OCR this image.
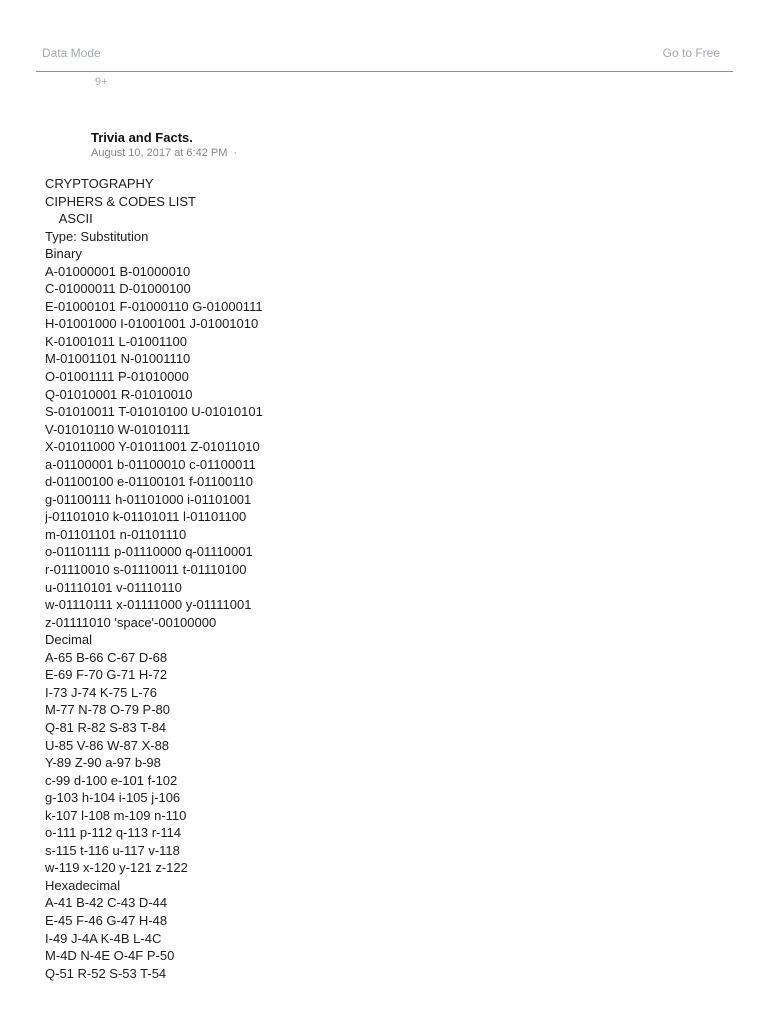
Data Mode	Go to Free
9+
Trivia and Facts.
August 10, 2017 at 6:42 PM ·
CRYPTOGRAPHY
CIPHERS & CODES LIST
ASCII
Type: Substitution
Binary
A-01000001 B-01000010
C-01000011 D-01000100
E-01000101 F-01000110 G-01000111
H-01001000 I-01001001 J-01001010
K-01001011 L-01001100
M-01001101 N-01001110
O-01001111 P-01010000
Q-01010001 R-01010010
S-01010011 T-01010100 U-01010101
V-01010110 W-01010111
X-01011000 Y-01011001 Z-01011010
a-01100001 b-01100010 c-01100011
d-01100100 e-01100101 f-01100110
g-01100111 h-01101000 i-01101001
j-01101010 k-01101011 l-01101100
m-01101101 n-01101110
o-01101111 p-01110000 q-01110001
r-01110010 s-01110011 t-01110100
u-01110101 v-01110110
w-01110111 x-01111000 y-01111001
z-01111010 'space'-00100000
Decimal
A-65 B-66 C-67 D-68
E-69 F-70 G-71 H-72
I-73 J-74 K-75 L-76
M-77 N-78 O-79 P-80
Q-81 R-82 S-83 T-84
U-85 V-86 W-87 X-88
Y-89 Z-90 a-97 b-98
c-99 d-100 e-101 f-102
g-103 h-104 i-105 j-106
k-107 l-108 m-109 n-110
o-111 p-112 q-113 r-114
s-115 t-116 u-117 v-118
w-119 x-120 y-121 z-122
Hexadecimal
A-41 B-42 C-43 D-44
E-45 F-46 G-47 H-48
I-49 J-4A K-4B L-4C
M-4D N-4E O-4F P-50
Q-51 R-52 S-53 T-54
